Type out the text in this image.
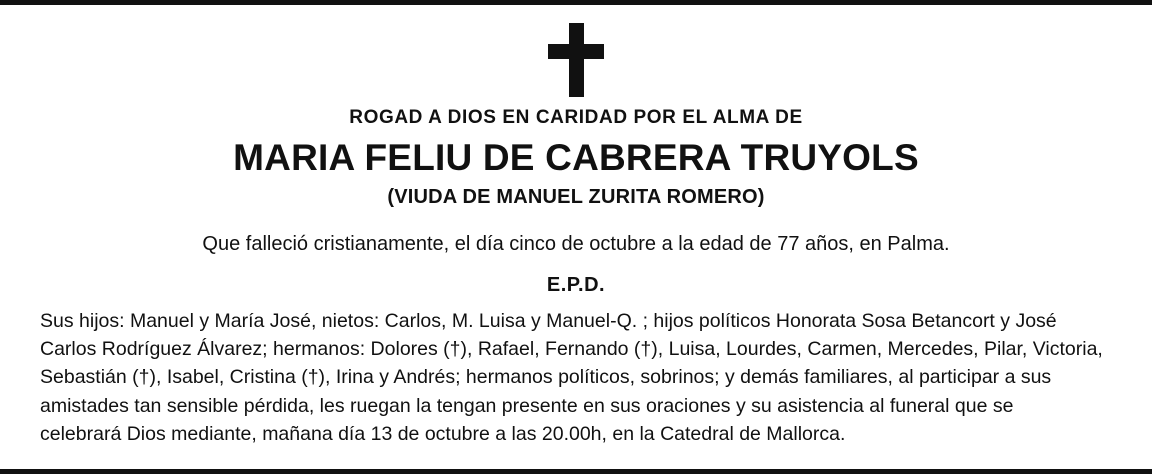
ROGAD A DIOS EN CARIDAD POR EL ALMA DE
MARIA FELIU DE CABRERA TRUYOLS
(VIUDA DE MANUEL ZURITA ROMERO)
Que falleció cristianamente, el día cinco de octubre a la edad de 77 años, en Palma.
E.P.D.
Sus hijos: Manuel y María José, nietos: Carlos, M. Luisa y Manuel-Q. ; hijos políticos Honorata Sosa Betancort y José
Carlos Rodríguez Álvarez; hermanos: Dolores (†), Rafael, Fernando (†), Luisa, Lourdes, Carmen, Mercedes, Pilar, Victoria,
Sebastián (†), Isabel, Cristina (†), Irina y Andrés; hermanos políticos, sobrinos; y demás familiares, al participar a sus
amistades tan sensible pérdida, les ruegan la tengan presente en sus oraciones y su asistencia al funeral que se
celebrará Dios mediante, mañana día 13 de octubre a las 20.00h, en la Catedral de Mallorca.
